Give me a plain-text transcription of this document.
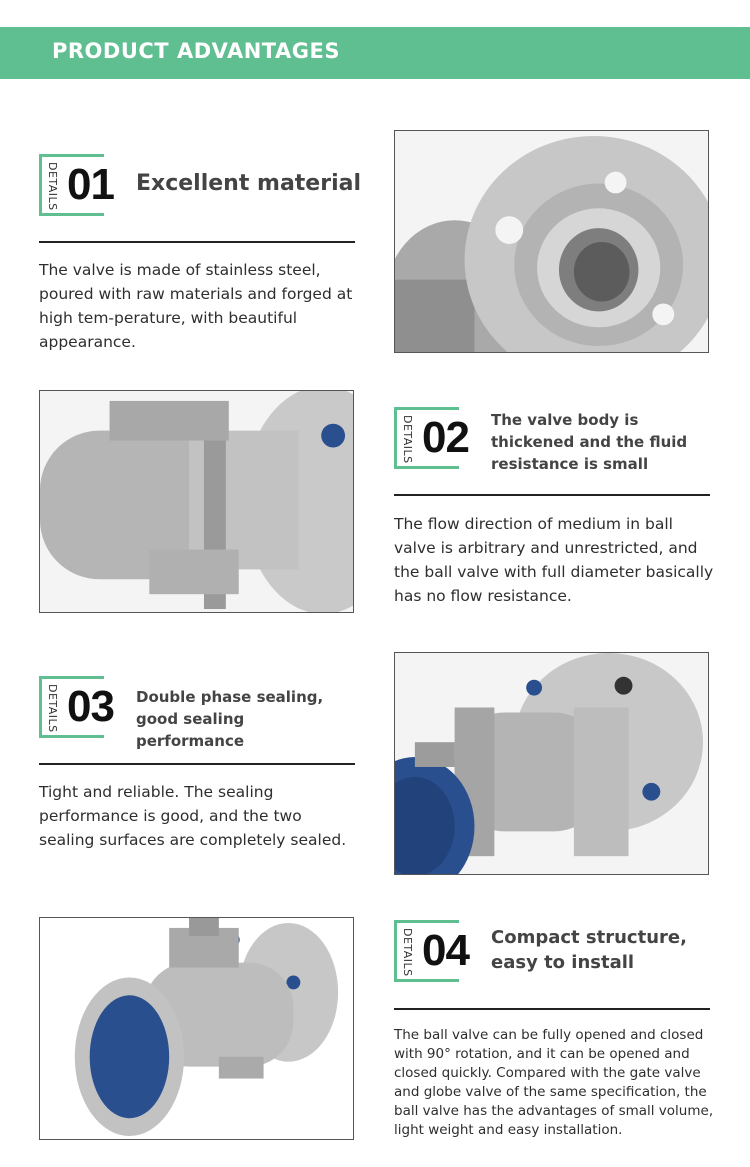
PRODUCT ADVANTAGES
DETAILS 01 Excellent material
The valve is made of stainless steel, poured with raw materials and forged at high tem-perature, with beautiful appearance.
DETAILS 02 The valve body is thickened and the fluid resistance is small
The flow direction of medium in ball valve is arbitrary and unrestricted, and the ball valve with full diameter basically has no flow resistance.
DETAILS 03 Double phase sealing, good sealing performance
Tight and reliable. The sealing performance is good, and the two sealing surfaces are completely sealed.
DETAILS 04 Compact structure, easy to install
The ball valve can be fully opened and closed with 90° rotation, and it can be opened and closed quickly. Compared with the gate valve and globe valve of the same specification, the ball valve has the advantages of small volume, light weight and easy installation.
